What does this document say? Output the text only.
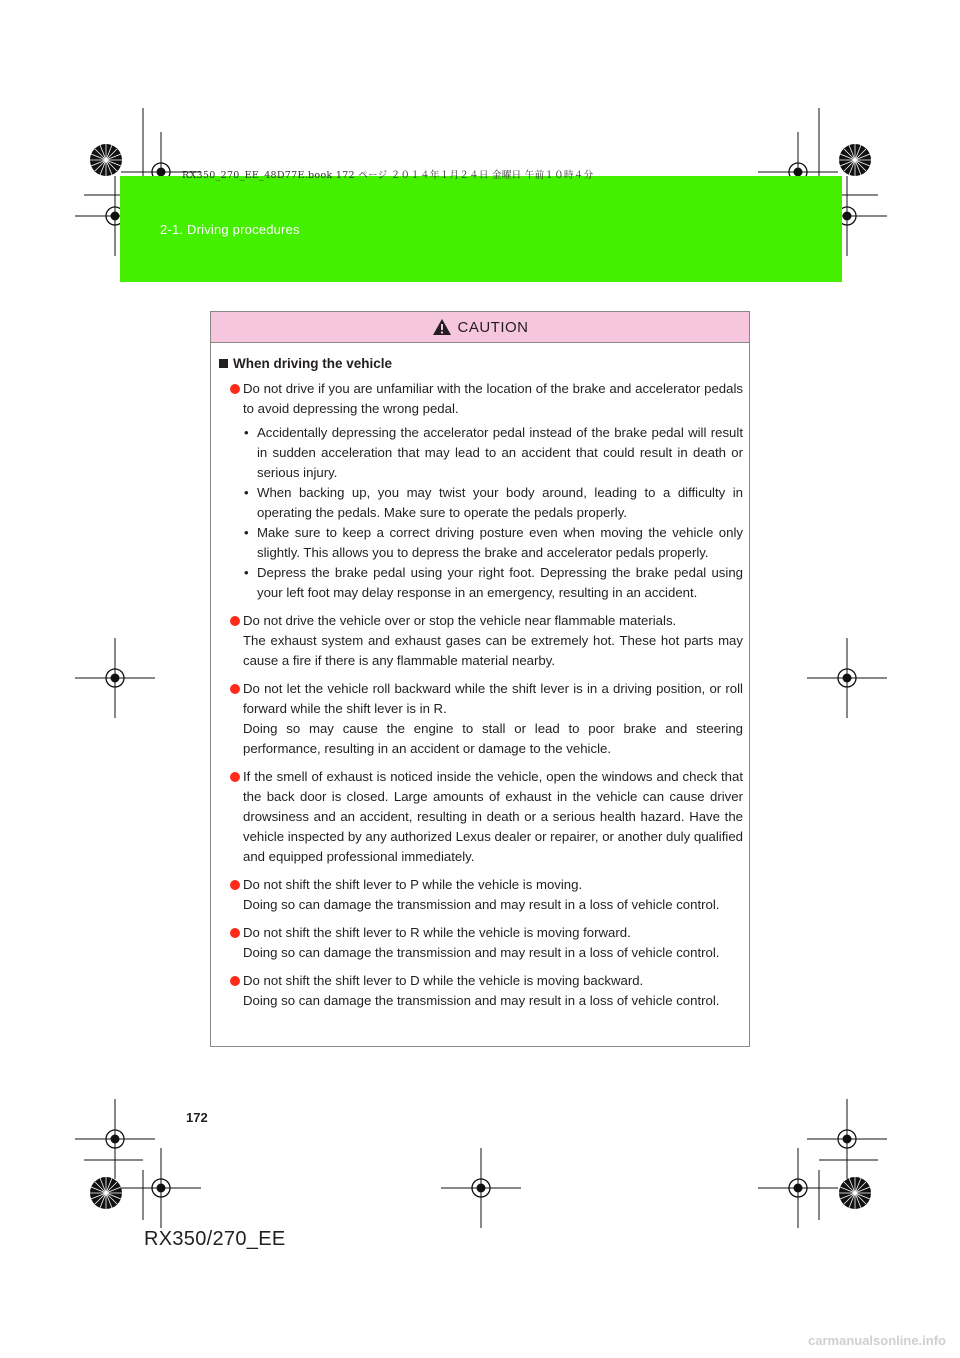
2-1. Driving procedures
RX350_270_EE_48D77E.book 172 ページ ２０１４年１月２４日 金曜日 午前１０時４分
CAUTION
When driving the vehicle

Do not drive if you are unfamiliar with the location of the brake and accelerator pedals to avoid depressing the wrong pedal.

• Accidentally depressing the accelerator pedal instead of the brake pedal will result in sudden acceleration that may lead to an accident that could result in death or serious injury.
• When backing up, you may twist your body around, leading to a difficulty in operating the pedals. Make sure to operate the pedals properly.
• Make sure to keep a correct driving posture even when moving the vehicle only slightly. This allows you to depress the brake and accelerator pedals properly.
• Depress the brake pedal using your right foot. Depressing the brake pedal using your left foot may delay response in an emergency, resulting in an accident.

Do not drive the vehicle over or stop the vehicle near flammable materials.

The exhaust system and exhaust gases can be extremely hot. These hot parts may cause a fire if there is any flammable material nearby.

Do not let the vehicle roll backward while the shift lever is in a driving position, or roll forward while the shift lever is in R.

Doing so may cause the engine to stall or lead to poor brake and steering performance, resulting in an accident or damage to the vehicle.

If the smell of exhaust is noticed inside the vehicle, open the windows and check that the back door is closed. Large amounts of exhaust in the vehicle can cause driver drowsiness and an accident, resulting in death or a serious health hazard. Have the vehicle inspected by any authorized Lexus dealer or repairer, or another duly qualified and equipped professional immediately.

Do not shift the shift lever to P while the vehicle is moving.

Doing so can damage the transmission and may result in a loss of vehicle control.

Do not shift the shift lever to R while the vehicle is moving forward.

Doing so can damage the transmission and may result in a loss of vehicle control.

Do not shift the shift lever to D while the vehicle is moving backward.

Doing so can damage the transmission and may result in a loss of vehicle control.

172
RX350/270_EE
carmanualsonline.info
